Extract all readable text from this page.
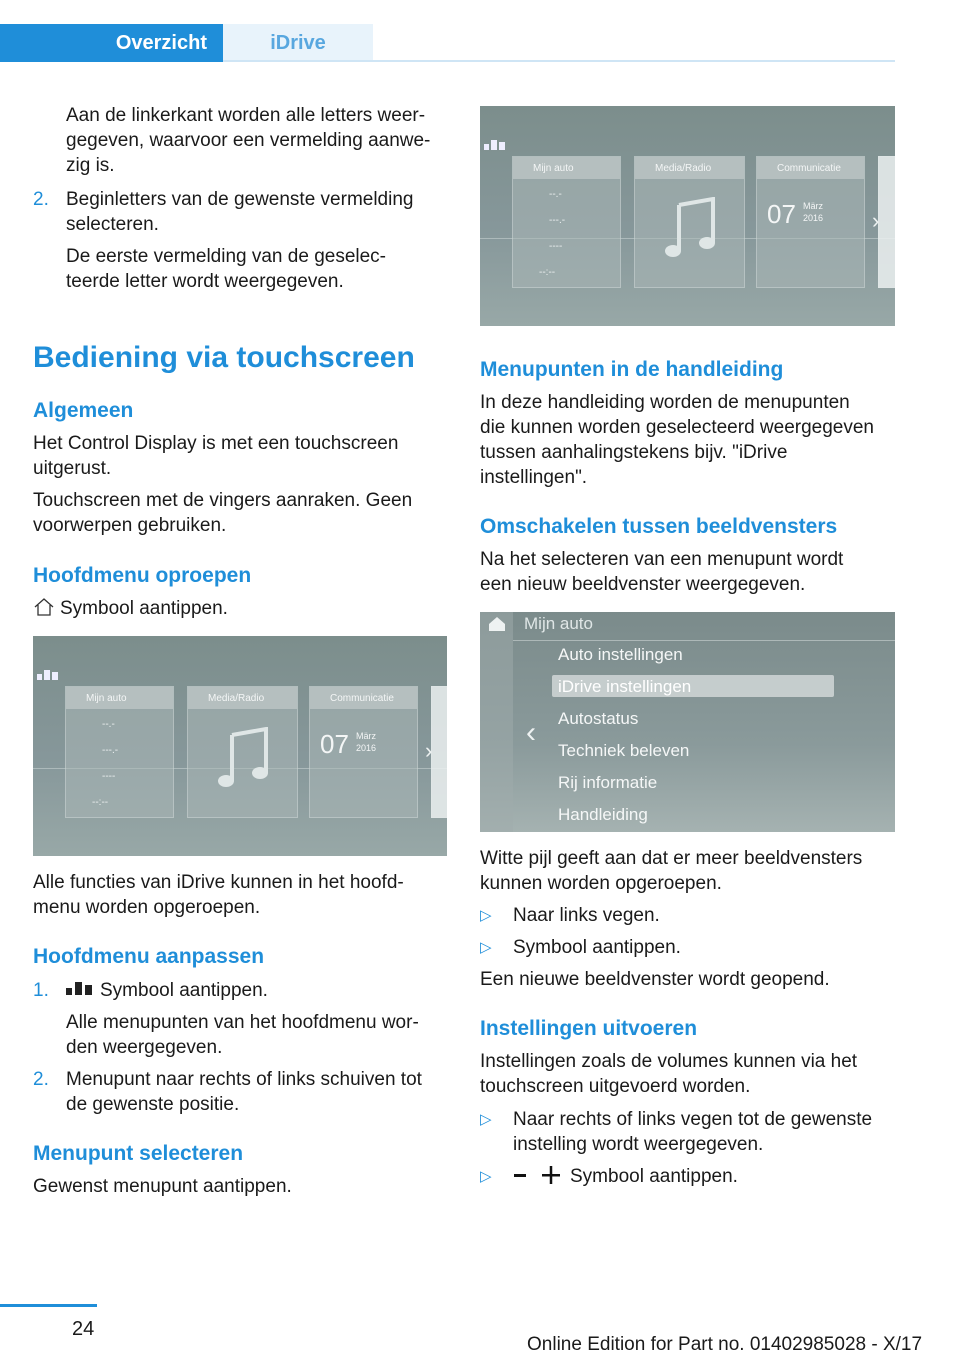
Overzicht	iDrive

Aan de linkerkant worden alle letters weer-

gegeven, waarvoor een vermelding aanwe-

zig is.

2. Beginletters van de gewenste vermelding

selecteren.

De eerste vermelding van de geselec-

teerde letter wordt weergegeven.

Bediening via touchscreen
Algemeen

Het Control Display is met een touchscreen

uitgerust.

Touchscreen met de vingers aanraken. Geen

voorwerpen gebruiken.

Hoofdmenu oproepen

Symbool aantippen.

Mijn auto
--.-
---.-
----
--:--
Media/Radio	Communicatie
07 März
2016 ›

Alle functies van iDrive kunnen in het hoofd-

menu worden opgeroepen.

Hoofdmenu aanpassen
1.	Symbool aantippen.

Alle menupunten van het hoofdmenu wor-

den weergegeven.

2. Menupunt naar rechts of links schuiven tot

de gewenste positie.

Menupunt selecteren

Gewenst menupunt aantippen.

Mijn auto
--.-
---.-
----
--:--
Media/Radio	Communicatie
07 März
2016 ›
Menupunten in de handleiding

In deze handleiding worden de menupunten

die kunnen worden geselecteerd weergegeven

tussen aanhalingstekens bijv. "iDrive

instellingen".

Omschakelen tussen beeldvensters

Na het selecteren van een menupunt wordt

een nieuw beeldvenster weergegeven.

Mijn auto
‹
Auto instellingen
iDrive instellingen
Autostatus
Techniek beleven
Rij informatie
Handleiding

Witte pijl geeft aan dat er meer beeldvensters

kunnen worden opgeroepen.

▷ Naar links vegen.

▷ Symbool aantippen.

Een nieuwe beeldvenster wordt geopend.

Instellingen uitvoeren

Instellingen zoals de volumes kunnen via het

touchscreen uitgevoerd worden.

▷ Naar rechts of links vegen tot de gewenste

instelling wordt weergegeven.

▷	Symbool aantippen.

24
Online Edition for Part no. 01402985028 - X/17
